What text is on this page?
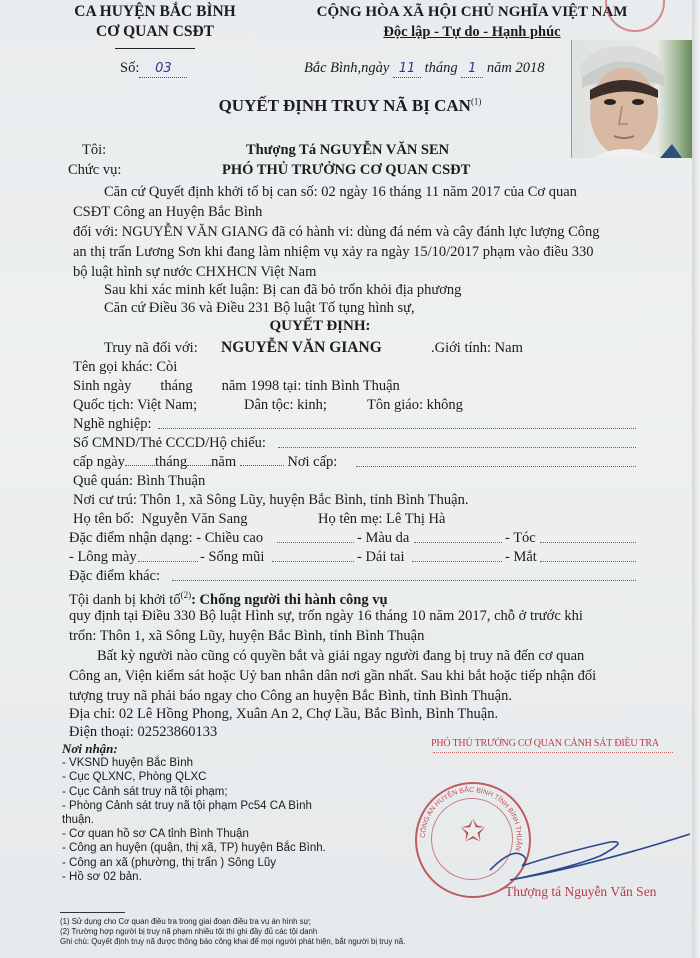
CA HUYỆN BẮC BÌNH
CƠ QUAN CSĐT
CỘNG HÒA XÃ HỘI CHỦ NGHĨA VIỆT NAM
Độc lập - Tự do - Hạnh phúc
Số: 03	Bắc Bình,ngày 11 tháng 1 năm 2018
QUYẾT ĐỊNH TRUY NÃ BỊ CAN$^{(1)}$
Tôi:	Thượng Tá NGUYỄN VĂN SEN
Chức vụ:	PHÓ THỦ TRƯỞNG CƠ QUAN CSĐT
Căn cứ Quyết định khởi tố bị can số: 02 ngày 16 tháng 11 năm 2017 của Cơ quan
CSĐT Công an Huyện Bắc Bình
đối với: NGUYỄN VĂN GIANG đã có hành vi: dùng đá ném và cây đánh lực lượng Công
an thị trấn Lương Sơn khi đang làm nhiệm vụ xảy ra ngày 15/10/2017 phạm vào điều 330
bộ luật hình sự nước CHXHCN Việt Nam
Sau khi xác minh kết luận: Bị can đã bỏ trốn khỏi địa phương
Căn cứ Điều 36 và Điều 231 Bộ luật Tố tụng hình sự,
QUYẾT ĐỊNH:
Truy nã đối với: NGUYỄN VĂN GIANG	.Giới tính: Nam
Tên gọi khác: Còi
Sinh ngày        tháng        năm 1998 tại: tỉnh Bình Thuận
Quốc tịch: Việt Nam;	Dân tộc: kinh;	Tôn giáo: không
Nghề nghiệp:
Số CMND/Thẻ CCCD/Hộ chiếu:
cấp ngày tháng năm	Nơi cấp:
Quê quán: Bình Thuận
Nơi cư trú: Thôn 1, xã Sông Lũy, huyện Bắc Bình, tỉnh Bình Thuận.
Họ tên bố:  Nguyễn Văn Sang	Họ tên mẹ: Lê Thị Hà
Đặc điểm nhận dạng: - Chiều cao	- Màu da	- Tóc
- Lông mày	- Sống mũi	- Dái tai	- Mắt
Đặc điểm khác:
Tội danh bị khởi tố$^{(2)}$: Chống người thi hành công vụ
quy định tại Điều 330 Bộ luật Hình sự, trốn ngày 16 tháng 10 năm 2017, chỗ ở trước khi
trốn: Thôn 1, xã Sông Lũy, huyện Bắc Bình, tỉnh Bình Thuận
Bất kỳ người nào cũng có quyền bắt và giải ngay người đang bị truy nã đến cơ quan
Công an, Viện kiểm sát hoặc Uỷ ban nhân dân nơi gần nhất. Sau khi bắt hoặc tiếp nhận đối
tượng truy nã phải báo ngay cho Công an huyện Bắc Bình, tỉnh Bình Thuận.
Địa chỉ: 02 Lê Hồng Phong, Xuân An 2, Chợ Lầu, Bắc Bình, Bình Thuận.
Điện thoại: 02523860133
Nơi nhận:
- VKSND huyện Bắc Bình
- Cục QLXNC, Phòng QLXC
- Cục Cảnh sát truy nã tội phạm;
- Phòng Cảnh sát truy nã tội phạm Pc54 CA Bình
thuận.
- Cơ quan hồ sơ CA tỉnh Bình Thuận
- Công an huyện (quận, thị xã, TP) huyện Bắc Bình.
- Công an xã (phường, thị trấn ) Sông Lũy
- Hồ sơ 02 bản.
PHÓ THỦ TRƯỞNG CƠ QUAN CẢNH SÁT ĐIỀU TRA
✩
CÔNG AN HUYỆN BẮC BÌNH TỈNH BÌNH THUẬN
Thượng tá Nguyễn Văn Sen
(1) Sử dụng cho Cơ quan điều tra trong giai đoạn điều tra vụ án hình sự;
(2) Trường hợp người bị truy nã phạm nhiều tội thì ghi đầy đủ các tội danh
Ghi chú: Quyết định truy nã được thông báo công khai để mọi người phát hiện, bắt người bị truy nã.
